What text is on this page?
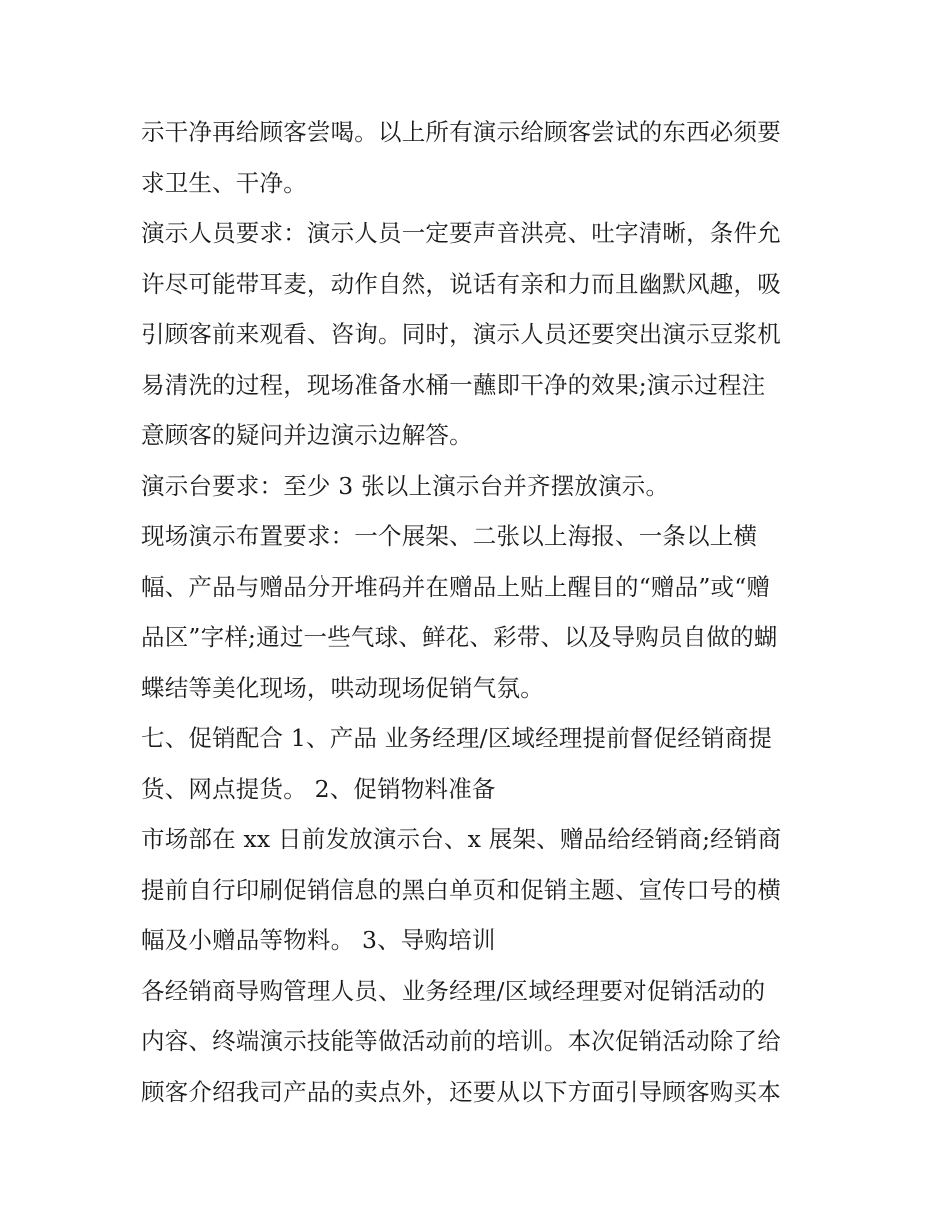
示干净再给顾客尝喝。以上所有演示给顾客尝试的东西必须要
求卫生、干净。
演示人员要求：演示人员一定要声音洪亮、吐字清晰，条件允
许尽可能带耳麦，动作自然，说话有亲和力而且幽默风趣，吸
引顾客前来观看、咨询。同时，演示人员还要突出演示豆浆机
易清洗的过程，现场准备水桶一蘸即干净的效果;演示过程注
意顾客的疑问并边演示边解答。
演示台要求：至少 3 张以上演示台并齐摆放演示。
现场演示布置要求：一个展架、二张以上海报、一条以上横
幅、产品与赠品分开堆码并在赠品上贴上醒目的“赠品”或“赠
品区”字样;通过一些气球、鲜花、彩带、以及导购员自做的蝴
蝶结等美化现场，哄动现场促销气氛。
七、促销配合 1、产品 业务经理/区域经理提前督促经销商提
货、网点提货。 2、促销物料准备
市场部在 xx 日前发放演示台、x 展架、赠品给经销商;经销商
提前自行印刷促销信息的黑白单页和促销主题、宣传口号的横
幅及小赠品等物料。 3、导购培训
各经销商导购管理人员、业务经理/区域经理要对促销活动的
内容、终端演示技能等做活动前的培训。本次促销活动除了给
顾客介绍我司产品的卖点外，还要从以下方面引导顾客购买本
